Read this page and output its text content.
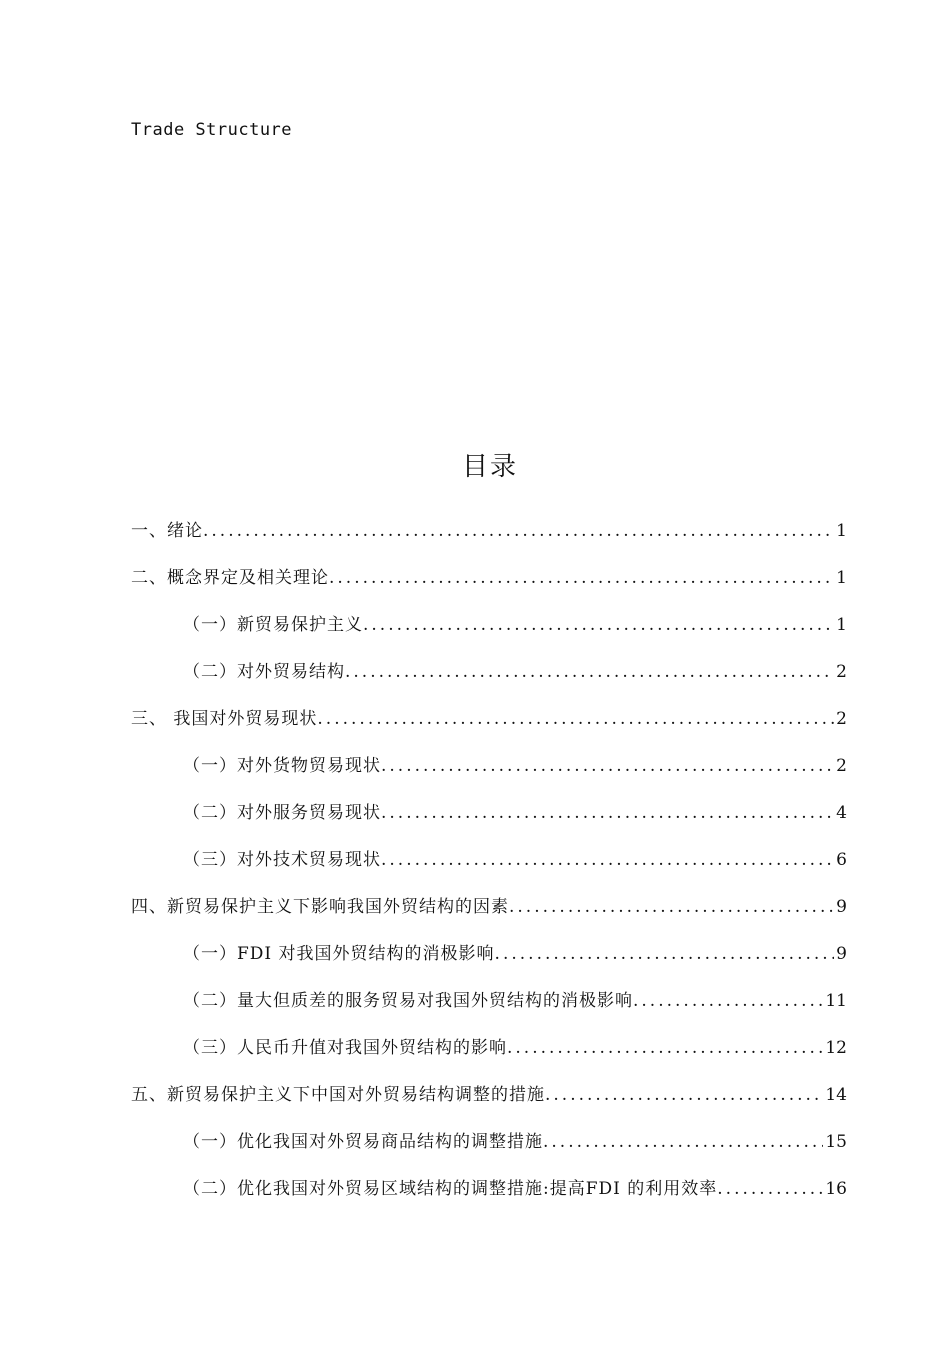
Trade Structure
目录
一、绪论 .....	1
二、概念界定及相关理论 .....	1
（一）新贸易保护主义 .....	1
（二）对外贸易结构 .....	2
三、 我国对外贸易现状 .....	2
（一）对外货物贸易现状 .....	2
（二）对外服务贸易现状 .....	4
（三）对外技术贸易现状 .....	6
四、新贸易保护主义下影响我国外贸结构的因素 .....	9
（一）FDI 对我国外贸结构的消极影响 .....	9
（二）量大但质差的服务贸易对我国外贸结构的消极影响 .....	11
（三）人民币升值对我国外贸结构的影响 .....	12
五、新贸易保护主义下中国对外贸易结构调整的措施 .....	14
（一）优化我国对外贸易商品结构的调整措施 .....	15
（二）优化我国对外贸易区域结构的调整措施:提高FDI 的利用效率 .....	16
